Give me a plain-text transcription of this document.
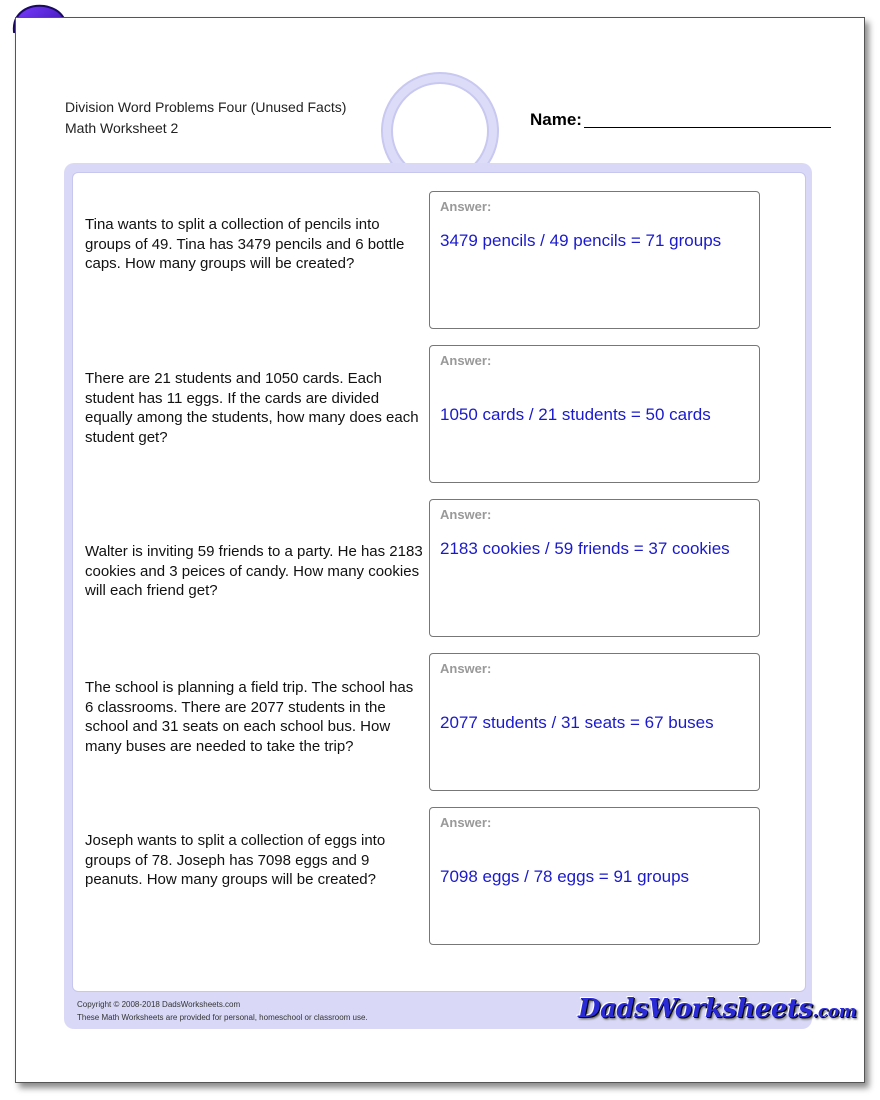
Division Word Problems Four (Unused Facts)
Math Worksheet 2	Name:
Tina wants to split a collection of pencils into groups of 49. Tina has 3479 pencils and 6 bottle caps. How many groups will be created?
Answer:
3479 pencils / 49 pencils = 71 groups
There are 21 students and 1050 cards. Each student has 11 eggs. If the cards are divided equally among the students, how many does each student get?
Answer:
1050 cards / 21 students = 50 cards
Walter is inviting 59 friends to a party. He has 2183 cookies and 3 peices of candy. How many cookies will each friend get?
Answer:
2183 cookies / 59 friends = 37 cookies
The school is planning a field trip. The school has 6 classrooms. There are 2077 students in the school and 31 seats on each school bus. How many buses are needed to take the trip?
Answer:
2077 students / 31 seats = 67 buses
Joseph wants to split a collection of eggs into groups of 78. Joseph has 7098 eggs and 9 peanuts. How many groups will be created?
Answer:
7098 eggs / 78 eggs = 91 groups
Copyright © 2008-2018 DadsWorksheets.com
These Math Worksheets are provided for personal, homeschool or classroom use.	DadsWorksheets.com
